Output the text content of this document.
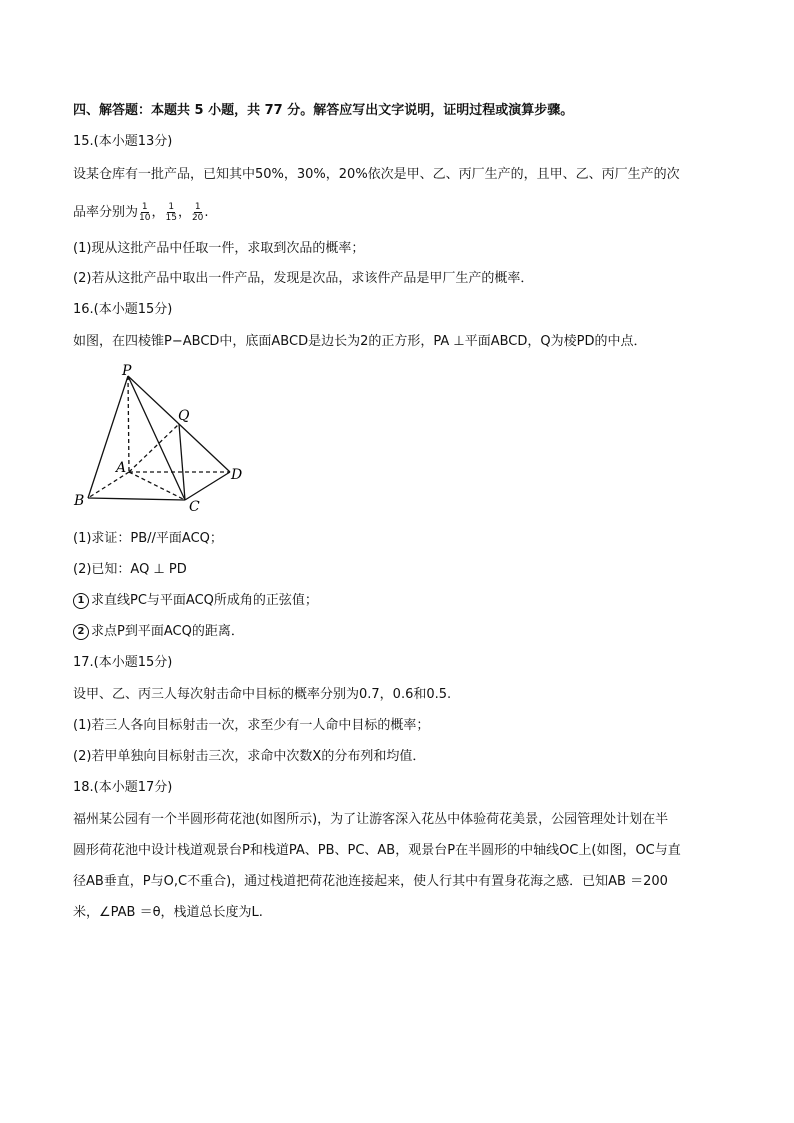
四、解答题：本题共 5 小题，共 77 分。解答应写出文字说明，证明过程或演算步骤。
15.(本小题13分)
设某仓库有一批产品，已知其中50%，30%，20%依次是甲、乙、丙厂生产的，且甲、乙、丙厂生产的次
品率分别为 $\frac{1}{10}$ ， $\frac{1}{15}$ ， $\frac{1}{20}$ .
(1)现从这批产品中任取一件，求取到次品的概率；
(2)若从这批产品中取出一件产品，发现是次品，求该件产品是甲厂生产的概率．
16.(本小题15分)
如图，在四棱锥P−ABCD中，底面ABCD是边长为2的正方形，PA ⊥平面ABCD，Q为棱PD的中点．
P
Q
A
B	C
D
(1)求证：PB//平面ACQ；
(2)已知：AQ ⊥ PD
1 求直线PC与平面ACQ所成角的正弦值；
2 求点P到平面ACQ的距离．
17.(本小题15分)
设甲、乙、丙三人每次射击命中目标的概率分别为0.7，0.6和0.5.
(1)若三人各向目标射击一次，求至少有一人命中目标的概率；
(2)若甲单独向目标射击三次，求命中次数X的分布列和均值．
18.(本小题17分)
福州某公园有一个半圆形荷花池(如图所示)，为了让游客深入花丛中体验荷花美景，公园管理处计划在半
圆形荷花池中设计栈道观景台P和栈道PA、PB、PC、AB，观景台P在半圆形的中轴线OC上(如图，OC与直
径AB垂直，P与O,C不重合)，通过栈道把荷花池连接起来，使人行其中有置身花海之感．已知AB ＝200
米，∠PAB ＝θ，栈道总长度为L.
